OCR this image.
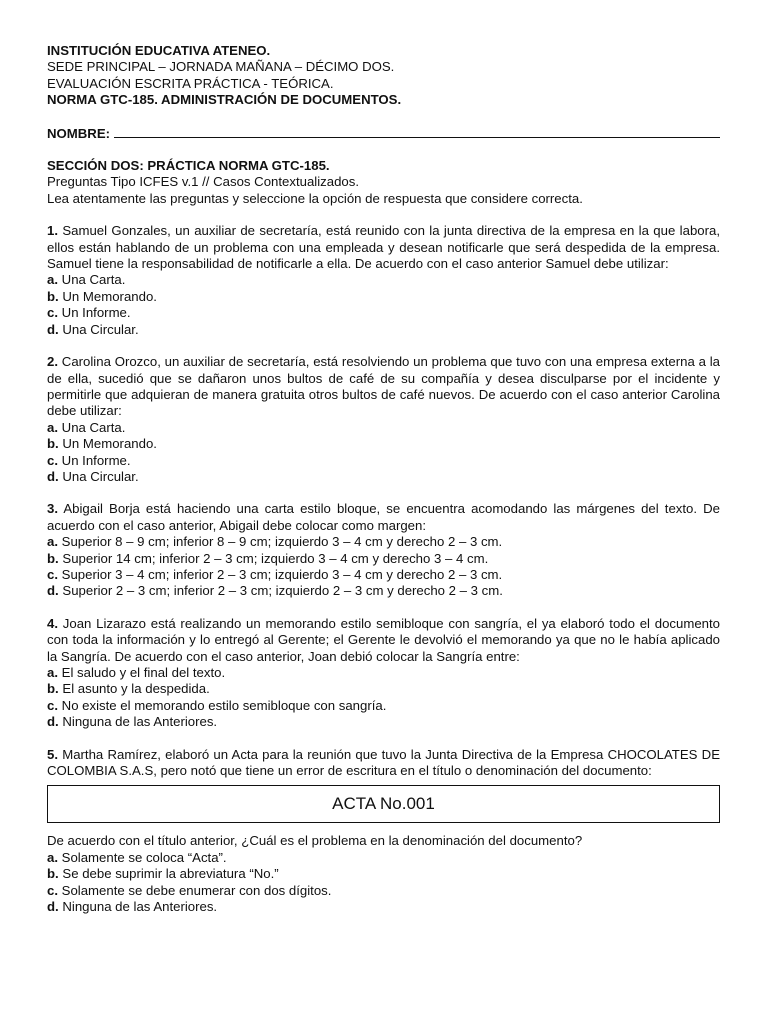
INSTITUCIÓN EDUCATIVA ATENEO.
SEDE PRINCIPAL – JORNADA MAÑANA – DÉCIMO DOS.
EVALUACIÓN ESCRITA PRÁCTICA - TEÓRICA.
NORMA GTC-185. ADMINISTRACIÓN DE DOCUMENTOS.
NOMBRE:
SECCIÓN DOS: PRÁCTICA NORMA GTC-185.
Preguntas Tipo ICFES v.1 // Casos Contextualizados.
Lea atentamente las preguntas y seleccione la opción de respuesta que considere correcta.
1. Samuel Gonzales, un auxiliar de secretaría, está reunido con la junta directiva de la empresa en la que labora, ellos están hablando de un problema con una empleada y desean notificarle que será despedida de la empresa. Samuel tiene la responsabilidad de notificarle a ella. De acuerdo con el caso anterior Samuel debe utilizar:
a. Una Carta.
b. Un Memorando.
c. Un Informe.
d. Una Circular.
2. Carolina Orozco, un auxiliar de secretaría, está resolviendo un problema que tuvo con una empresa externa a la de ella, sucedió que se dañaron unos bultos de café de su compañía y desea disculparse por el incidente y permitirle que adquieran de manera gratuita otros bultos de café nuevos. De acuerdo con el caso anterior Carolina debe utilizar:
a. Una Carta.
b. Un Memorando.
c. Un Informe.
d. Una Circular.
3. Abigail Borja está haciendo una carta estilo bloque, se encuentra acomodando las márgenes del texto. De acuerdo con el caso anterior, Abigail debe colocar como margen:
a. Superior 8 – 9 cm; inferior 8 – 9 cm; izquierdo 3 – 4 cm y derecho 2 – 3 cm.
b. Superior 14 cm; inferior 2 – 3 cm; izquierdo 3 – 4 cm y derecho 3 – 4 cm.
c. Superior 3 – 4 cm; inferior 2 – 3 cm; izquierdo 3 – 4 cm y derecho 2 – 3 cm.
d. Superior 2 – 3 cm; inferior 2 – 3 cm; izquierdo 2 – 3 cm y derecho 2 – 3 cm.
4. Joan Lizarazo está realizando un memorando estilo semibloque con sangría, el ya elaboró todo el documento con toda la información y lo entregó al Gerente; el Gerente le devolvió el memorando ya que no le había aplicado la Sangría. De acuerdo con el caso anterior, Joan debió colocar la Sangría entre:
a. El saludo y el final del texto.
b. El asunto y la despedida.
c. No existe el memorando estilo semibloque con sangría.
d. Ninguna de las Anteriores.
5. Martha Ramírez, elaboró un Acta para la reunión que tuvo la Junta Directiva de la Empresa CHOCOLATES DE COLOMBIA S.A.S, pero notó que tiene un error de escritura en el título o denominación del documento:
ACTA No.001
De acuerdo con el título anterior, ¿Cuál es el problema en la denominación del documento?
a. Solamente se coloca “Acta”.
b. Se debe suprimir la abreviatura “No.”
c. Solamente se debe enumerar con dos dígitos.
d. Ninguna de las Anteriores.
